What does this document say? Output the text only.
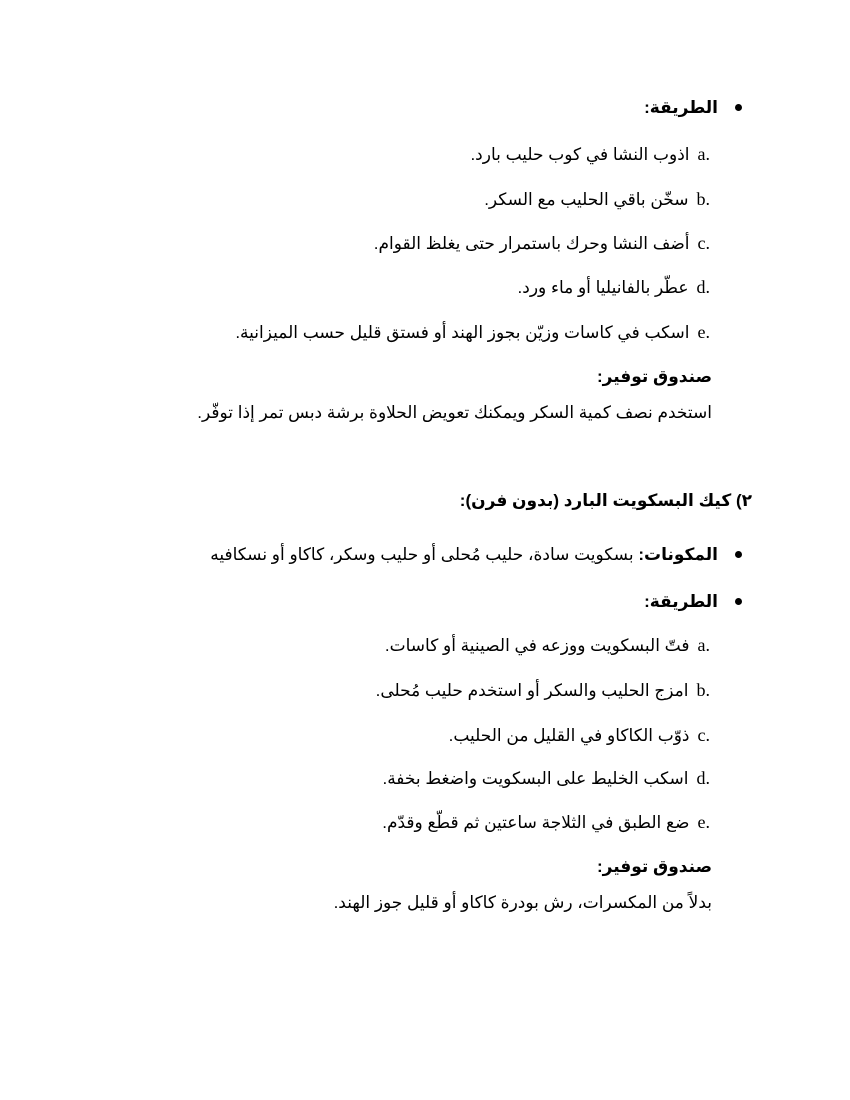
الطريقة:
a.اذوب النشا في كوب حليب بارد.
b.سخّن باقي الحليب مع السكر.
c.أضف النشا وحرك باستمرار حتى يغلظ القوام.
d.عطّر بالفانيليا أو ماء ورد.
e.اسكب في كاسات وزيّن بجوز الهند أو فستق قليل حسب الميزانية.
صندوق توفير:
استخدم نصف كمية السكر ويمكنك تعويض الحلاوة برشة دبس تمر إذا توفّر.
٢) كيك البسكويت البارد (بدون فرن):
المكونات: بسكويت سادة، حليب مُحلى أو حليب وسكر، كاكاو أو نسكافيه
الطريقة:
a.فتّ البسكويت ووزعه في الصينية أو كاسات.
b.امزج الحليب والسكر أو استخدم حليب مُحلى.
c.ذوّب الكاكاو في القليل من الحليب.
d.اسكب الخليط على البسكويت واضغط بخفة.
e.ضع الطبق في الثلاجة ساعتين ثم قطّع وقدّم.
صندوق توفير:
بدلاً من المكسرات، رش بودرة كاكاو أو قليل جوز الهند.
